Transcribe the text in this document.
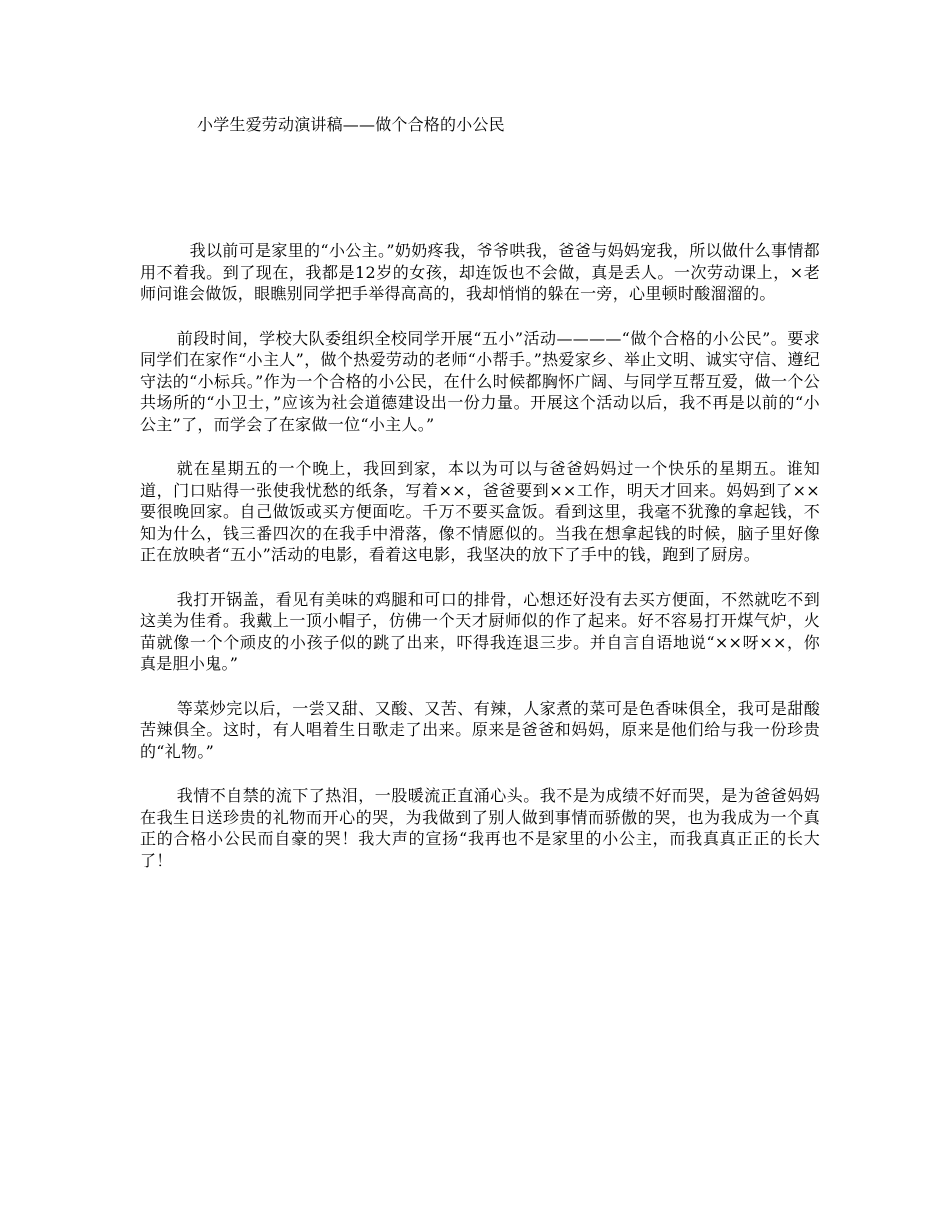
小学生爱劳动演讲稿——做个合格的小公民

我以前可是家里的“小公主。”奶奶疼我，爷爷哄我，爸爸与妈妈宠我，所以做什么事情都用不着我。到了现在，我都是12岁的女孩，却连饭也不会做，真是丢人。一次劳动课上，×老师问谁会做饭，眼瞧别同学把手举得高高的，我却悄悄的躲在一旁，心里顿时酸溜溜的。

前段时间，学校大队委组织全校同学开展“五小”活动————“做个合格的小公民”。要求同学们在家作“小主人”，做个热爱劳动的老师“小帮手。”热爱家乡、举止文明、诚实守信、遵纪守法的“小标兵。”作为一个合格的小公民，在什么时候都胸怀广阔、与同学互帮互爱，做一个公共场所的“小卫士，”应该为社会道德建设出一份力量。开展这个活动以后，我不再是以前的“小公主”了，而学会了在家做一位“小主人。”

就在星期五的一个晚上，我回到家，本以为可以与爸爸妈妈过一个快乐的星期五。谁知道，门口贴得一张使我忧愁的纸条，写着××，爸爸要到××工作，明天才回来。妈妈到了××要很晚回家。自己做饭或买方便面吃。千万不要买盒饭。看到这里，我毫不犹豫的拿起钱，不知为什么，钱三番四次的在我手中滑落，像不情愿似的。当我在想拿起钱的时候，脑子里好像正在放映者“五小”活动的电影，看着这电影，我坚决的放下了手中的钱，跑到了厨房。

我打开锅盖，看见有美味的鸡腿和可口的排骨，心想还好没有去买方便面，不然就吃不到这美为佳肴。我戴上一顶小帽子，仿佛一个天才厨师似的作了起来。好不容易打开煤气炉，火苗就像一个个顽皮的小孩子似的跳了出来，吓得我连退三步。并自言自语地说“××呀××，你真是胆小鬼。”

等菜炒完以后，一尝又甜、又酸、又苦、有辣，人家煮的菜可是色香味俱全，我可是甜酸苦辣俱全。这时，有人唱着生日歌走了出来。原来是爸爸和妈妈，原来是他们给与我一份珍贵的“礼物。”

我情不自禁的流下了热泪，一股暖流正直涌心头。我不是为成绩不好而哭，是为爸爸妈妈在我生日送珍贵的礼物而开心的哭，为我做到了别人做到事情而骄傲的哭，也为我成为一个真正的合格小公民而自豪的哭！我大声的宣扬“我再也不是家里的小公主，而我真真正正的长大了！
